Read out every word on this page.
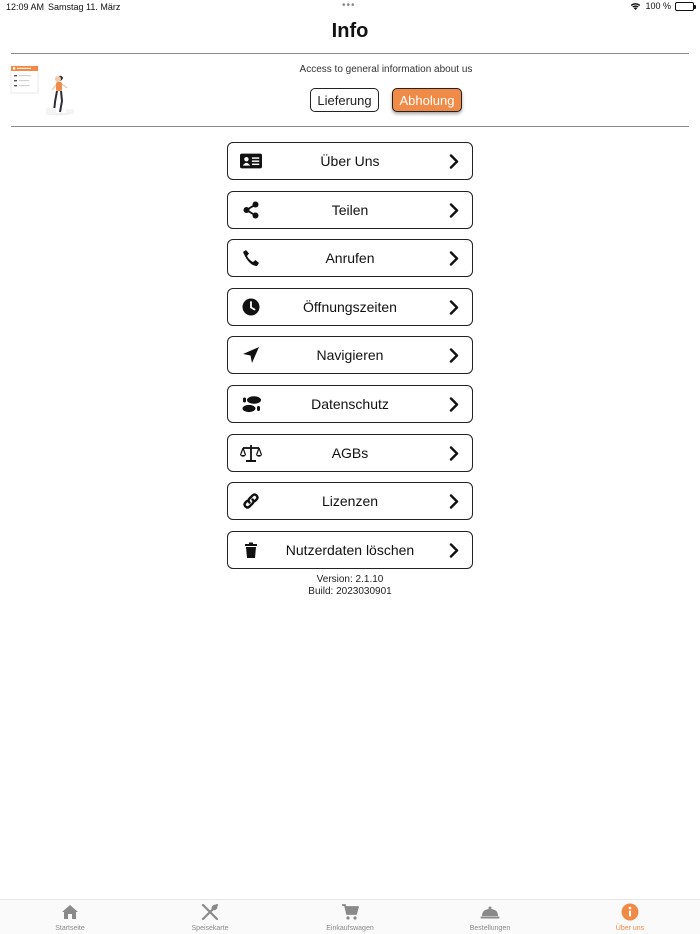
12:09 AM Samstag 11. März	•••	100 %
Info
Access to general information about us
Lieferung	Abholung
Über Uns
Teilen
Anrufen
Öffnungszeiten
Navigieren
Datenschutz
AGBs
Lizenzen
Nutzerdaten löschen
Version: 2.1.10
Build: 2023030901
Startseite	Speisekarte	Einkaufswagen	Bestellungen	Über uns
